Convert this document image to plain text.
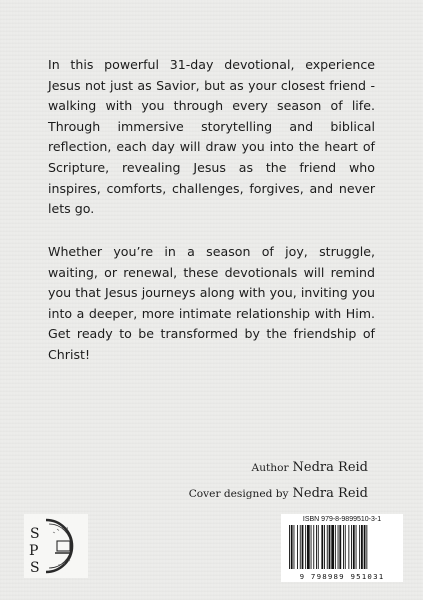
In this powerful 31-day devotional, experience Jesus not just as Savior, but as your closest friend - walking with you through every season of life. Through immersive storytelling and biblical reflection, each day will draw you into the heart of Scripture, revealing Jesus as the friend who inspires, comforts, challenges, forgives, and never lets go.

Whether you’re in a season of joy, struggle, waiting, or renewal, these devotionals will remind you that Jesus journeys along with you, inviting you into a deeper, more intimate relationship with Him. Get ready to be transformed by the friendship of Christ!

Author Nedra Reid
Cover designed by Nedra Reid
S
P
S
ISBN 979-8-9899510-3-1
9 798989 951031
